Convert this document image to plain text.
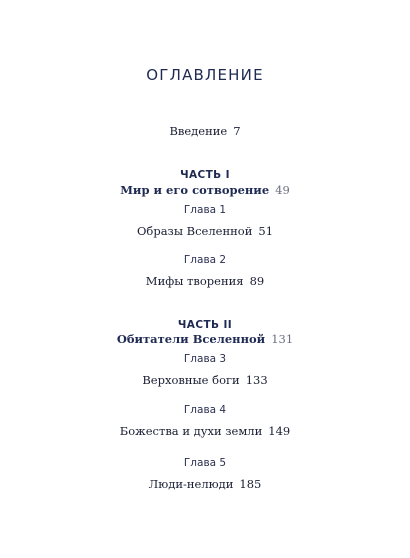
ОГЛАВЛЕНИЕ
Введение 7
ЧАСТЬ I
Мир и его сотворение 49
Глава 1
Образы Вселенной 51
Глава 2
Мифы творения 89
ЧАСТЬ II
Обитатели Вселенной 131
Глава 3
Верховные боги 133
Глава 4
Божества и духи земли 149
Глава 5
Люди-нелюди 185
